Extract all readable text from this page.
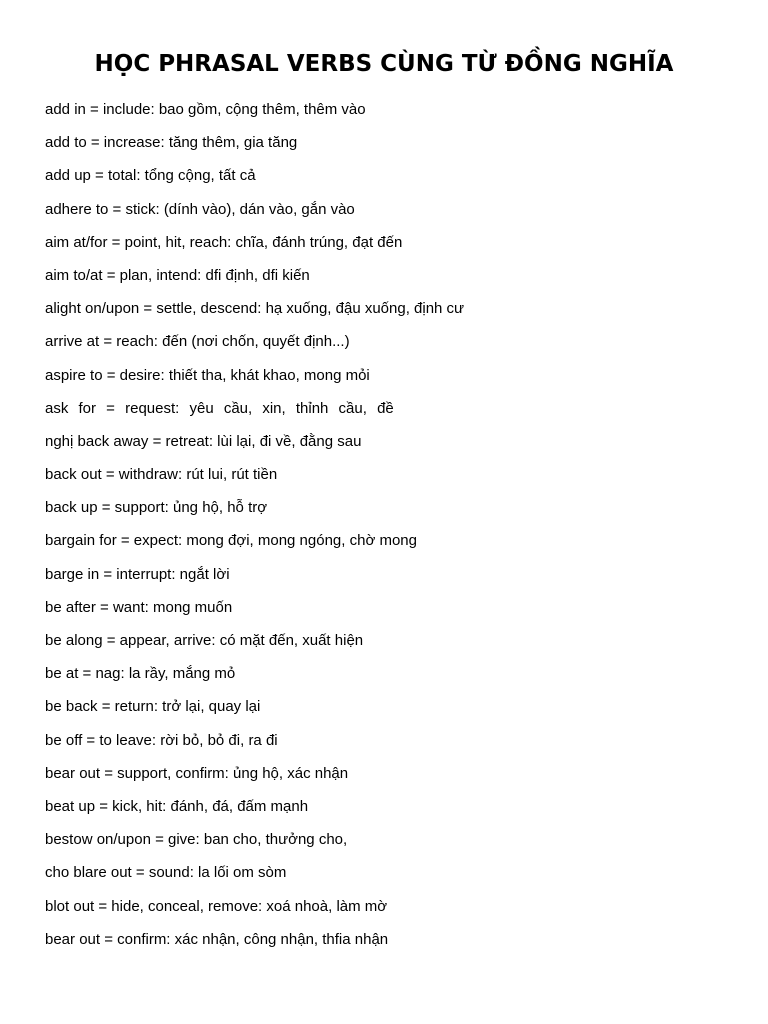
HỌC PHRASAL VERBS CÙNG TỪ ĐỒNG NGHĨA
add in = include: bao gồm, cộng thêm, thêm vào
add to = increase: tăng thêm, gia tăng
add up = total: tổng cộng, tất cả
adhere to = stick: (dính vào), dán vào, gắn vào
aim at/for = point, hit, reach: chĩa, đánh trúng, đạt đến
aim to/at = plan, intend: dfi định, dfi kiến
alight on/upon = settle, descend: hạ xuống, đậu xuống, định cư
arrive at = reach: đến (nơi chốn, quyết định...)
aspire to = desire: thiết tha, khát khao, mong mỏi
ask for = request: yêu cầu, xin, thỉnh cầu, đề
nghị back away = retreat: lùi lại, đi về, đằng sau
back out = withdraw: rút lui, rút tiền
back up = support: ủng hộ, hỗ trợ
bargain for = expect: mong đợi, mong ngóng, chờ mong
barge in = interrupt: ngắt lời
be after = want: mong muốn
be along = appear, arrive: có mặt đến, xuất hiện
be at = nag: la rầy, mắng mỏ
be back = return: trở lại, quay lại
be off = to leave: rời bỏ, bỏ đi, ra đi
bear out = support, confirm: ủng hộ, xác nhận
beat up = kick, hit: đánh, đá, đấm mạnh
bestow on/upon = give: ban cho, thưởng cho,
cho blare out = sound: la lối om sòm
blot out = hide, conceal, remove: xoá nhoà, làm mờ
bear out = confirm: xác nhận, công nhận, thfia nhận
